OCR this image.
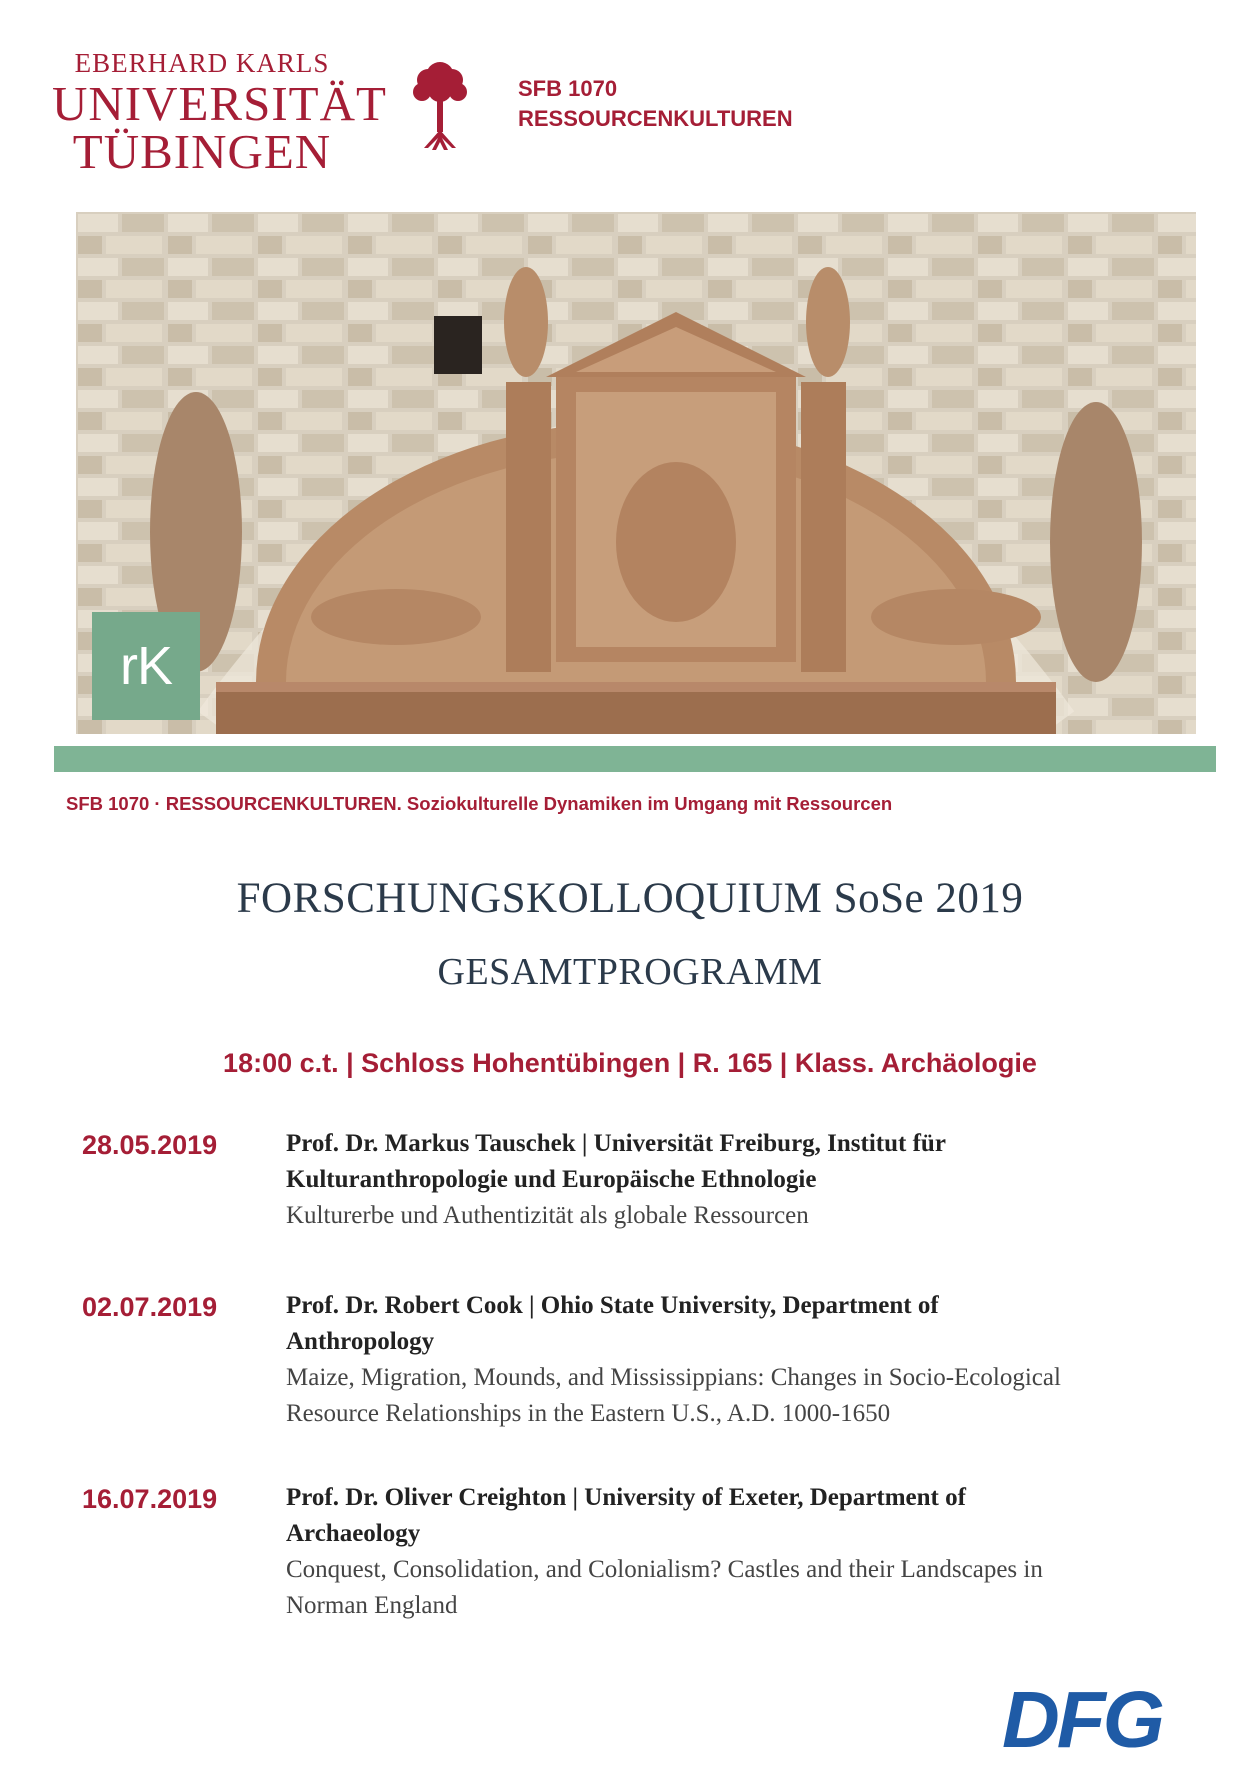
EBERHARD KARLS
UNIVERSITÄT
TÜBINGEN
SFB 1070
RESSOURCENKULTUREN
rK
SFB 1070 · RESSOURCENKULTUREN. Soziokulturelle Dynamiken im Umgang mit Ressourcen
FORSCHUNGSKOLLOQUIUM SoSe 2019
GESAMTPROGRAMM
18:00 c.t. | Schloss Hohentübingen | R. 165 | Klass. Archäologie
28.05.2019	Prof. Dr. Markus Tauschek | Universität Freiburg, Institut für
Kulturanthropologie und Europäische Ethnologie
Kulturerbe und Authentizität als globale Ressourcen
02.07.2019	Prof. Dr. Robert Cook | Ohio State University, Department of
Anthropology
Maize, Migration, Mounds, and Mississippians: Changes in Socio-Ecological
Resource Relationships in the Eastern U.S., A.D. 1000-1650
16.07.2019	Prof. Dr. Oliver Creighton | University of Exeter, Department of
Archaeology
Conquest, Consolidation, and Colonialism? Castles and their Landscapes in
Norman England
DFG
